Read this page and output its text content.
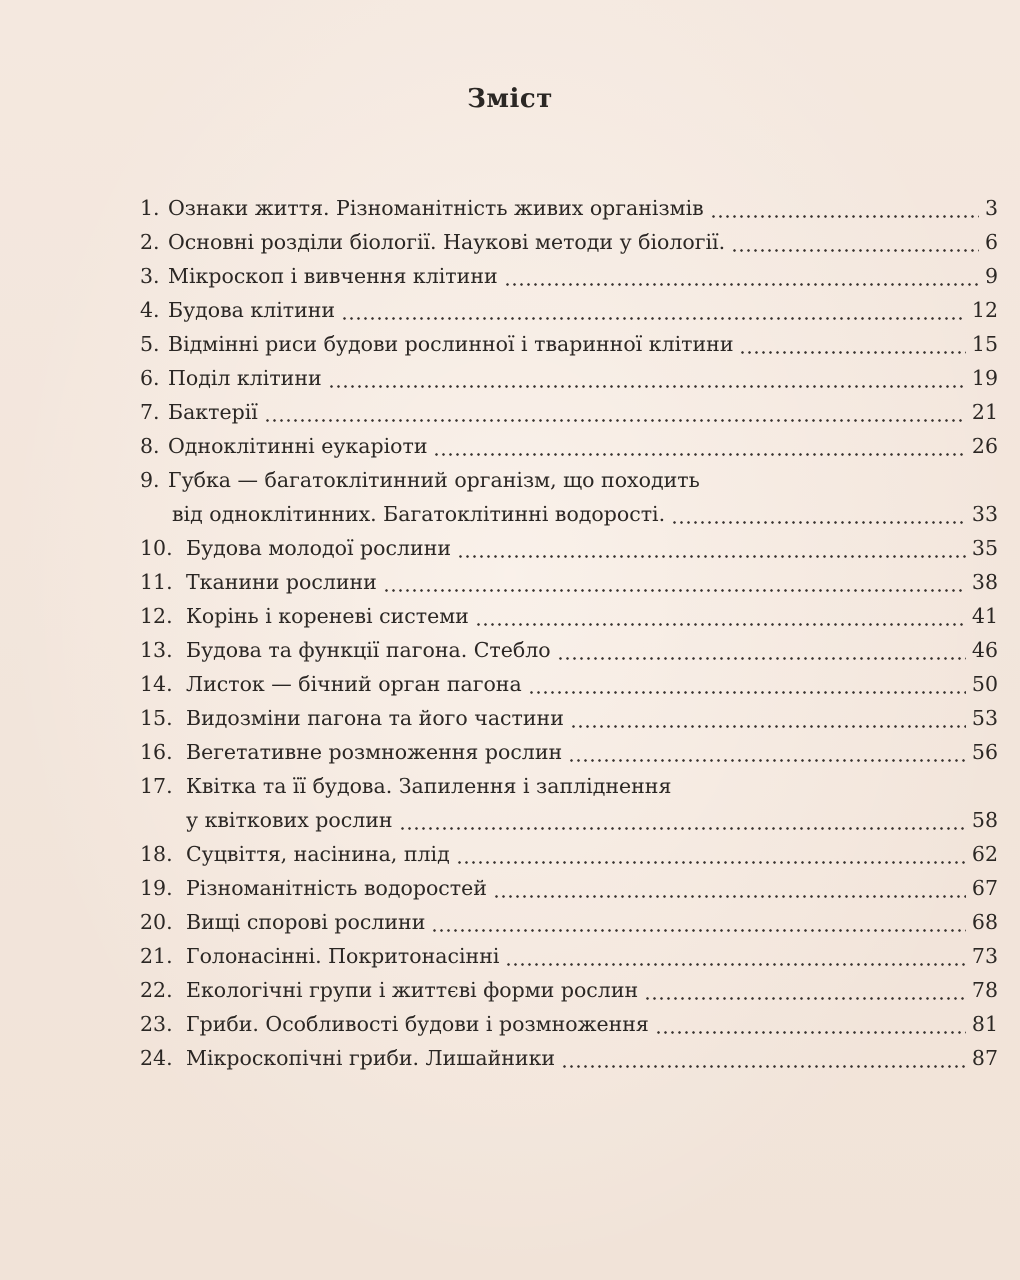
Зміст
1. Ознаки життя. Різноманітність живих організмів	3
2. Основні розділи біології. Наукові методи у біології.	6
3. Мікроскоп і вивчення клітини	9
4. Будова клітини	12
5. Відмінні риси будови рослинної і тваринної клітини	15
6. Поділ клітини	19
7. Бактерії	21
8. Одноклітинні еукаріоти	26
9. Губка — багатоклітинний організм, що походить
від одноклітинних. Багатоклітинні водорості.	33
10. Будова молодої рослини	35
11. Тканини рослини	38
12. Корінь і кореневі системи	41
13. Будова та функції пагона. Стебло	46
14. Листок — бічний орган пагона	50
15. Видозміни пагона та його частини	53
16. Вегетативне розмноження рослин	56
17. Квітка та її будова. Запилення і запліднення
у квіткових рослин	58
18. Суцвіття, насінина, плід	62
19. Різноманітність водоростей	67
20. Вищі спорові рослини	68
21. Голонасінні. Покритонасінні	73
22. Екологічні групи і життєві форми рослин	78
23. Гриби. Особливості будови і розмноження	81
24. Мікроскопічні гриби. Лишайники	87
